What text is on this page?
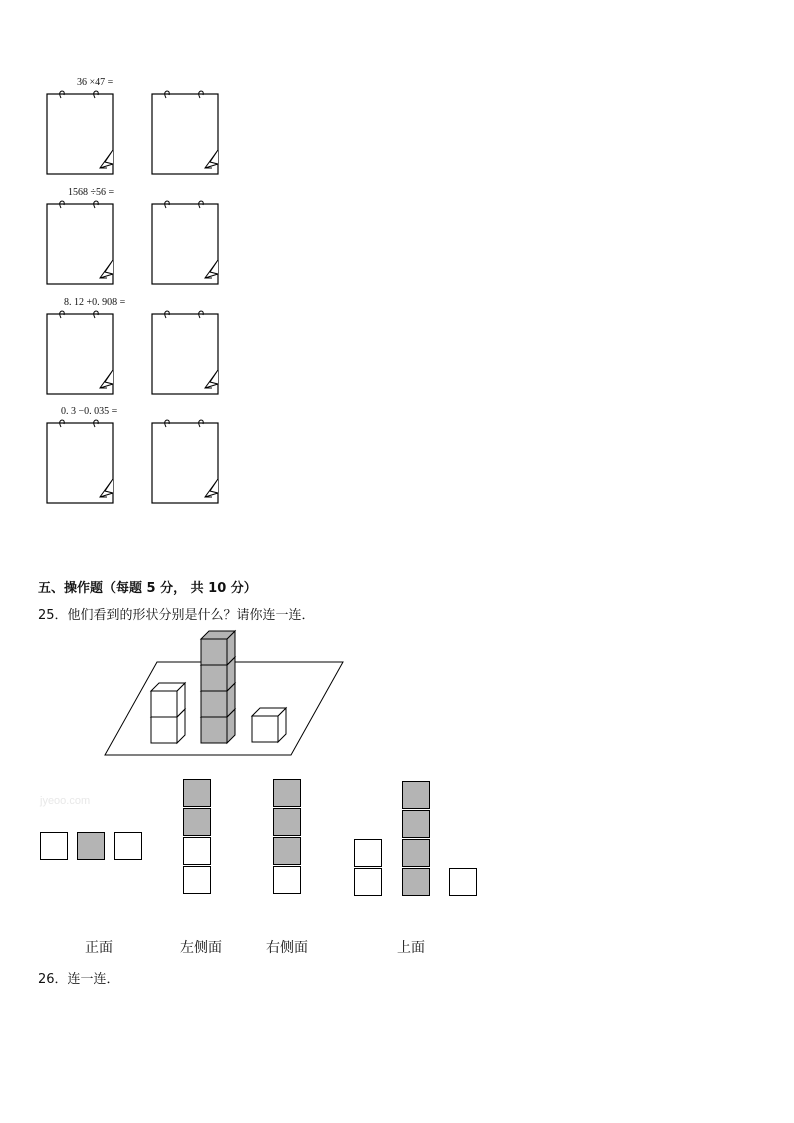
36 ×47 =
1568 ÷56 =
8. 12 +0. 908 =
0. 3 −0. 035 =
五、操作题（每题 5 分， 共 10 分）
25．他们看到的形状分别是什么？请你连一连．
jyeoo.com
正面	左侧面	右侧面	上面
26．连一连．
